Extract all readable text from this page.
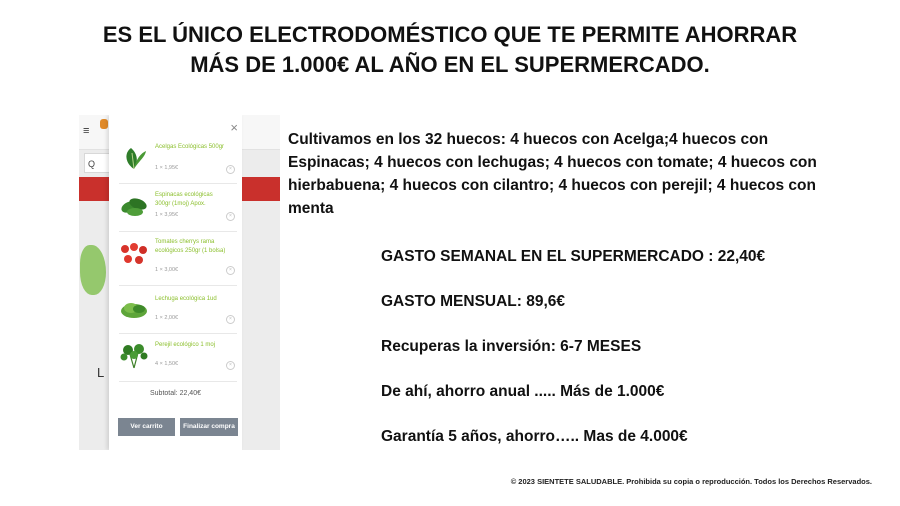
ES EL ÚNICO ELECTRODOMÉSTICO QUE TE PERMITE AHORRAR
MÁS DE 1.000€ AL AÑO EN EL SUPERMERCADO.
≡
Q
L
×
Acelgas Ecológicas 500gr
1 × 1,95€	×
Espinacas ecológicas 300gr (1moj) Apox.
1 × 3,95€	×
Tomates cherrys rama ecológicos 250gr (1 bolsa)
1 × 3,00€	×
Lechuga ecológica 1ud
1 × 2,00€	×
Perejil ecológico 1 moj
4 × 1,50€	×
Subtotal: 22,40€
Ver carrito	Finalizar compra
Cultivamos en los 32 huecos: 4 huecos con Acelga;4 huecos con Espinacas; 4 huecos con lechugas; 4 huecos con tomate; 4 huecos con hierbabuena; 4 huecos con cilantro; 4 huecos con perejil; 4 huecos con menta
GASTO SEMANAL EN EL SUPERMERCADO : 22,40€
GASTO MENSUAL: 89,6€
Recuperas la inversión: 6-7 MESES
De ahí, ahorro anual ..... Más de 1.000€
Garantía 5 años, ahorro….. Mas de 4.000€
© 2023 SIENTETE SALUDABLE. Prohibida su copia o reproducción. Todos los Derechos Reservados.
